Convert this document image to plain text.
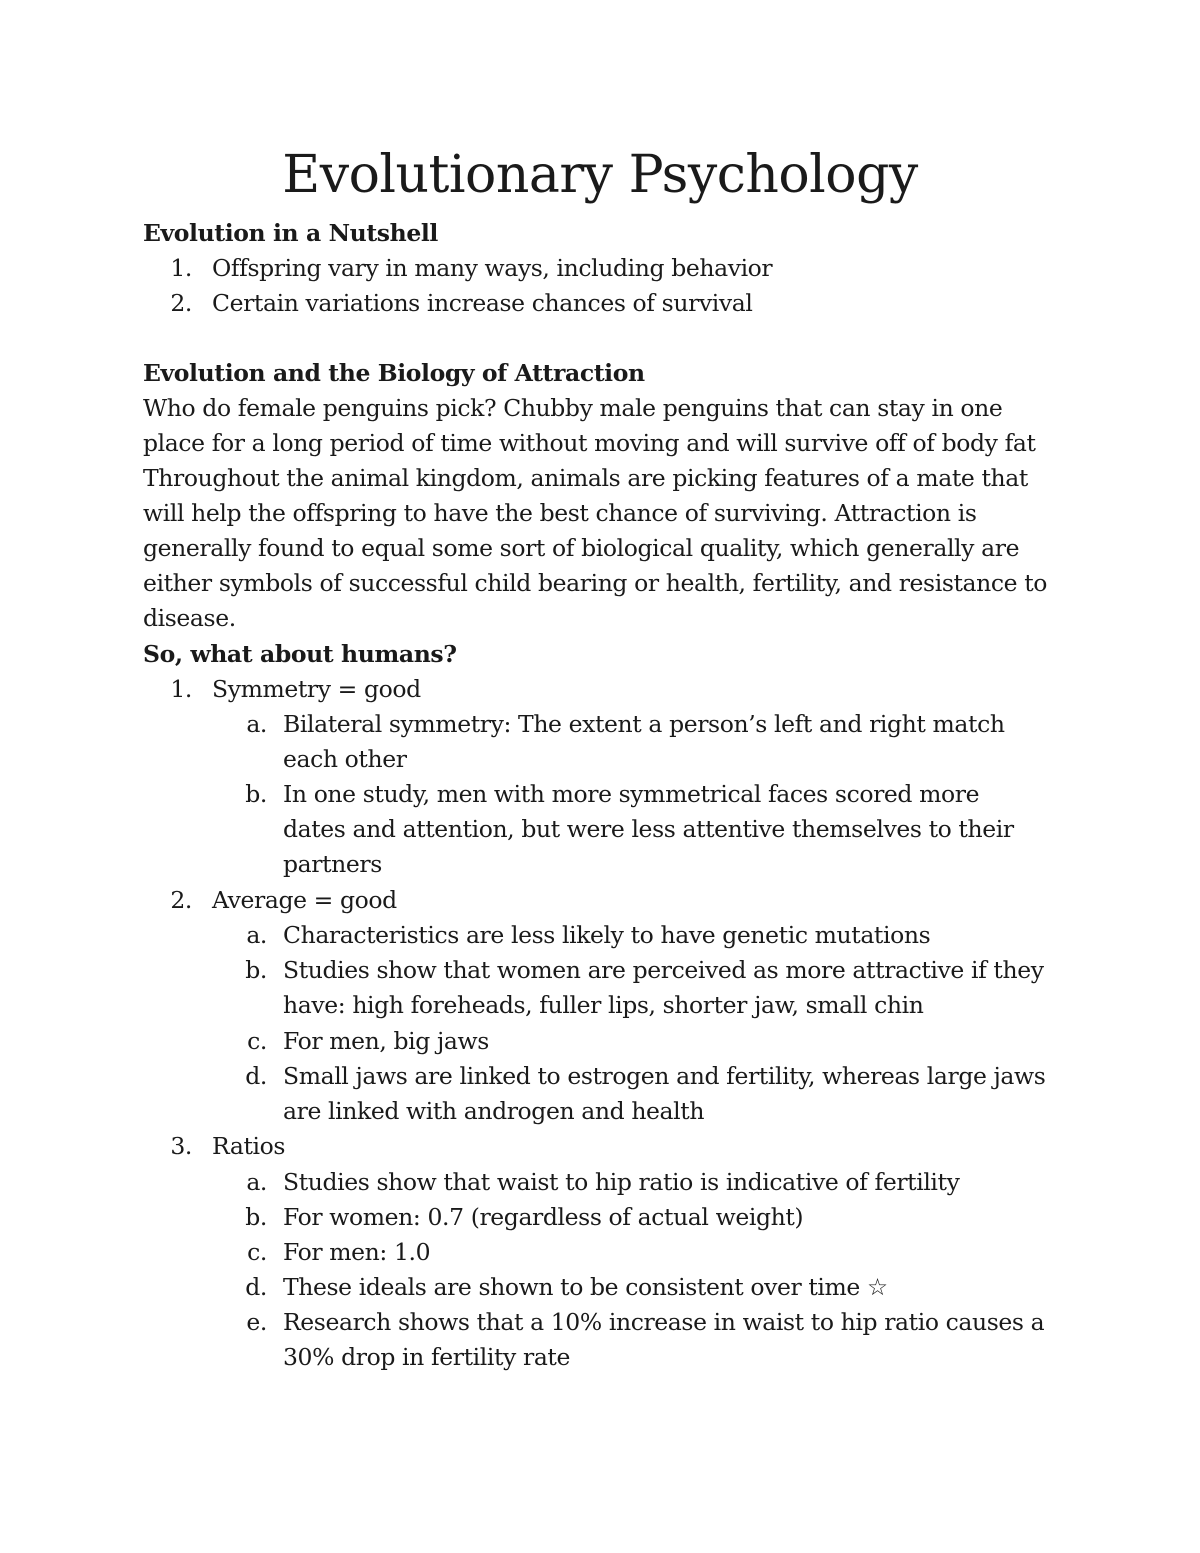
Evolutionary Psychology

Evolution in a Nutshell

1. Offspring vary in many ways, including behavior
2. Certain variations increase chances of survival

Evolution and the Biology of Attraction

Who do female penguins pick? Chubby male penguins that can stay in one

place for a long period of time without moving and will survive off of body fat

Throughout the animal kingdom, animals are picking features of a mate that

will help the offspring to have the best chance of surviving. Attraction is

generally found to equal some sort of biological quality, which generally are

either symbols of successful child bearing or health, fertility, and resistance to

disease.

So, what about humans?

1. Symmetry = good
a. Bilateral symmetry: The extent a person’s left and right match
each other
b. In one study, men with more symmetrical faces scored more
dates and attention, but were less attentive themselves to their
partners
2. Average = good
a. Characteristics are less likely to have genetic mutations
b. Studies show that women are perceived as more attractive if they
have: high foreheads, fuller lips, shorter jaw, small chin
c. For men, big jaws
d. Small jaws are linked to estrogen and fertility, whereas large jaws
are linked with androgen and health
3. Ratios
a. Studies show that waist to hip ratio is indicative of fertility
b. For women: 0.7 (regardless of actual weight)
c. For men: 1.0
d. These ideals are shown to be consistent over time ☆
e. Research shows that a 10% increase in waist to hip ratio causes a
30% drop in fertility rate
